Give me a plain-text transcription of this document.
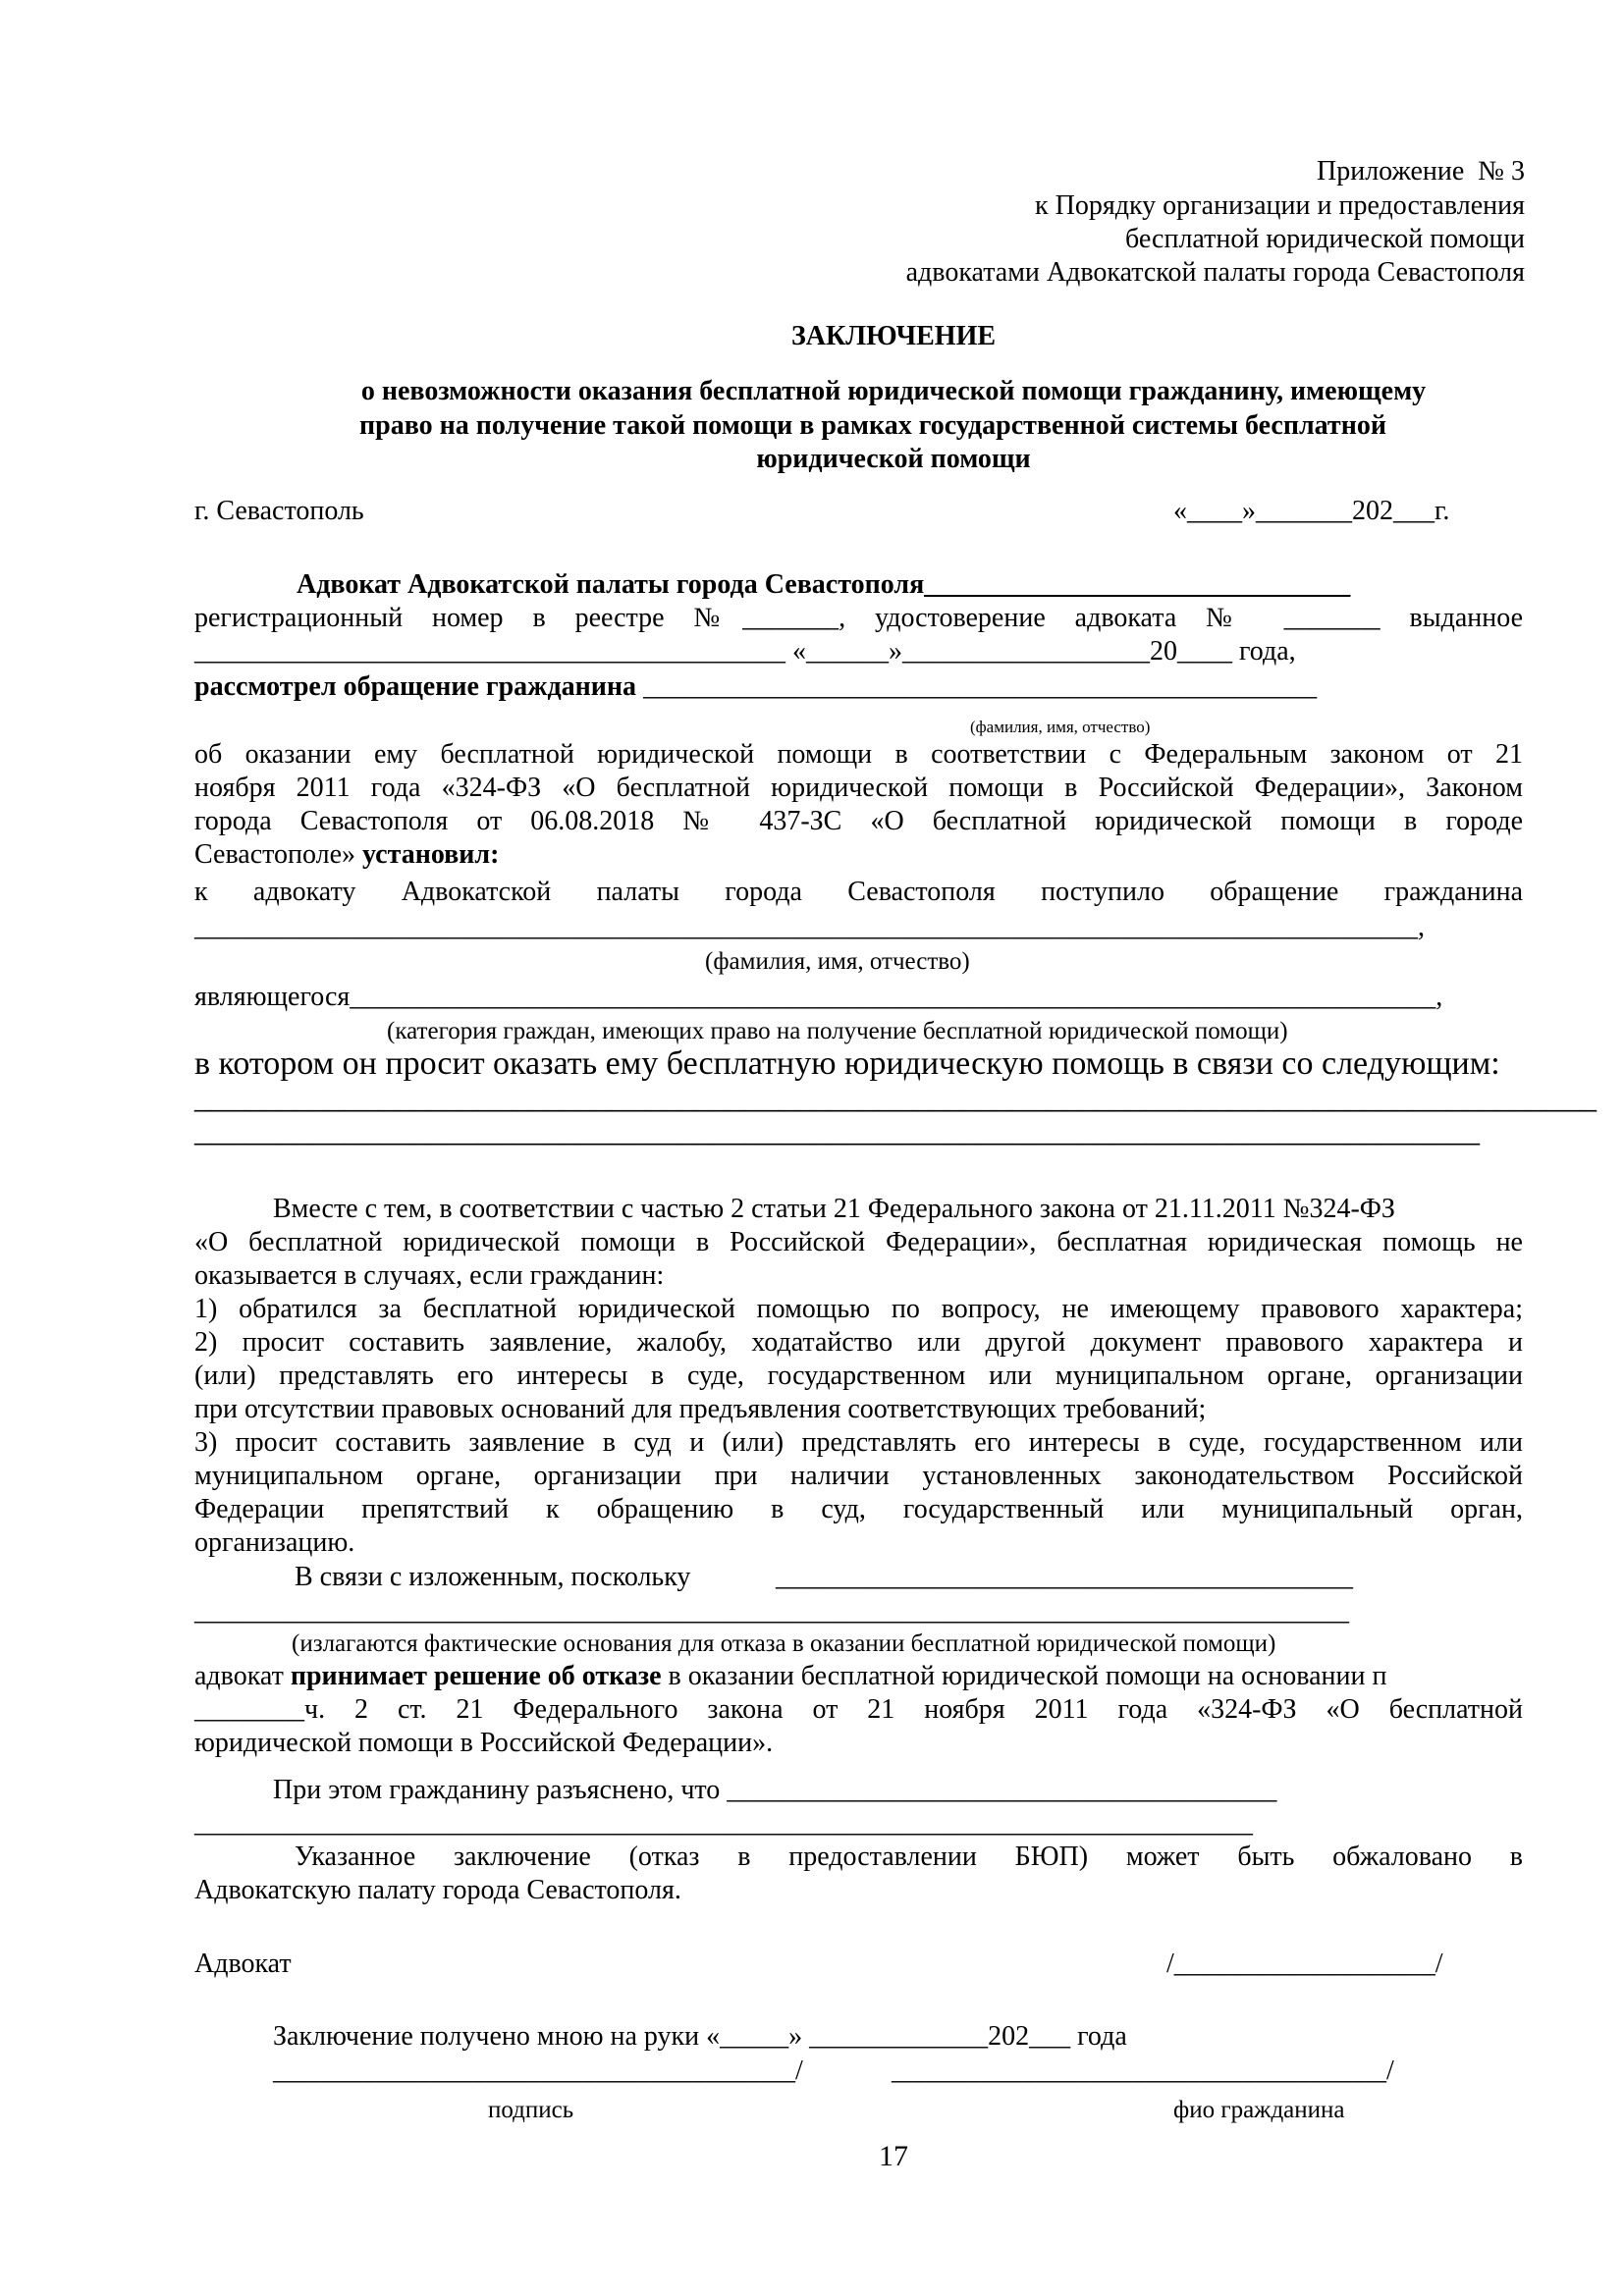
Приложение  № 3
к Порядку организации и предоставления
бесплатной юридической помощи
адвокатами Адвокатской палаты города Севастополя
ЗАКЛЮЧЕНИЕ
о невозможности оказания бесплатной юридической помощи гражданину, имеющему
право на получение такой помощи в рамках государственной системы бесплатной
юридической помощи
г. Севастополь	«____»_______202___г.
Адвокат Адвокатской палаты города Севастополя_______________________________
регистрационный номер в реестре №_______, удостоверение адвоката № _______ выданное
___________________________________________ «______»__________________20____ года,
рассмотрел обращение гражданина _________________________________________________
(фамилия, имя, отчество)
об оказании ему бесплатной юридической помощи в соответствии с Федеральным законом от 21
ноября 2011 года «324-ФЗ «О бесплатной юридической помощи в Российской Федерации», Законом
города Севастополя от 06.08.2018 № 437-ЗС «О бесплатной юридической помощи в городе
Севастополе» установил:
к адвокату Адвокатской палаты города Севастополя поступило обращение гражданина
_________________________________________________________________________________________,
(фамилия, имя, отчество)
являющегося_______________________________________________________________________________,
(категория граждан, имеющих право на получение бесплатной юридической помощи)
в котором он просит оказать ему бесплатную юридическую помощь в связи со следующим:
____________________________________________________________________________________
_____________________________________________________________________________
Вместе с тем, в соответствии с частью 2 статьи 21 Федерального закона от 21.11.2011 №324-ФЗ
«О бесплатной юридической помощи в Российской Федерации», бесплатная юридическая помощь не
оказывается в случаях, если гражданин:
1) обратился за бесплатной юридической помощью по вопросу, не имеющему правового характера;
2) просит составить заявление, жалобу, ходатайство или другой документ правового характера и
(или) представлять его интересы в суде, государственном или муниципальном органе, организации
при отсутствии правовых оснований для предъявления соответствующих требований;
3) просит составить заявление в суд и (или) представлять его интересы в суде, государственном или
муниципальном органе, организации при наличии установленных законодательством Российской
Федерации препятствий к обращению в суд, государственный или муниципальный орган,
организацию.
В связи с изложенным, поскольку	__________________________________________
____________________________________________________________________________________
(излагаются фактические основания для отказа в оказании бесплатной юридической помощи)
адвокат принимает решение об отказе в оказании бесплатной юридической помощи на основании п
________ч. 2 ст. 21 Федерального закона от 21 ноября 2011 года «324-ФЗ «О бесплатной
юридической помощи в Российской Федерации».
При этом гражданину разъяснено, что ________________________________________
_____________________________________________________________________________
Указанное заключение (отказ в предоставлении БЮП) может быть обжаловано в
Адвокатскую палату города Севастополя.
Адвокат	/___________________/
Заключение получено мною на руки «_____» _____________202___ года
______________________________________/	____________________________________/
подпись	фио гражданина
17
